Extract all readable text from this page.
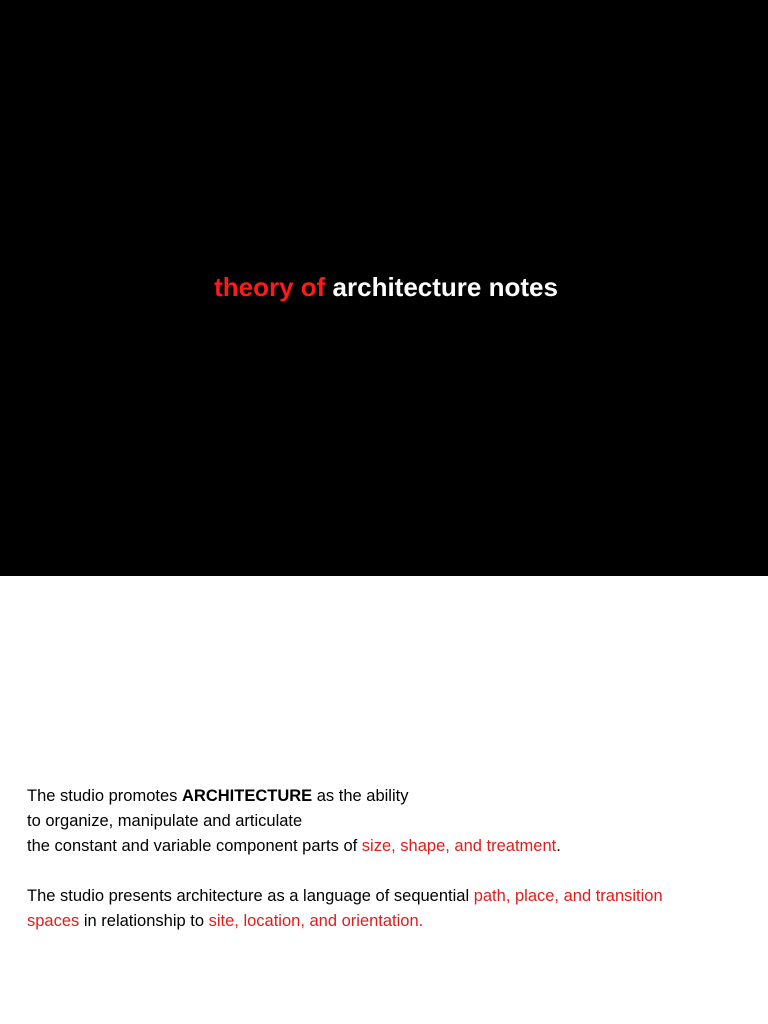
theory of architecture notes

The studio promotes ARCHITECTURE as the ability

to organize, manipulate and articulate

the constant and variable component parts of size, shape, and treatment.

The studio presents architecture as a language of sequential path, place, and transition

spaces in relationship to site, location, and orientation.
